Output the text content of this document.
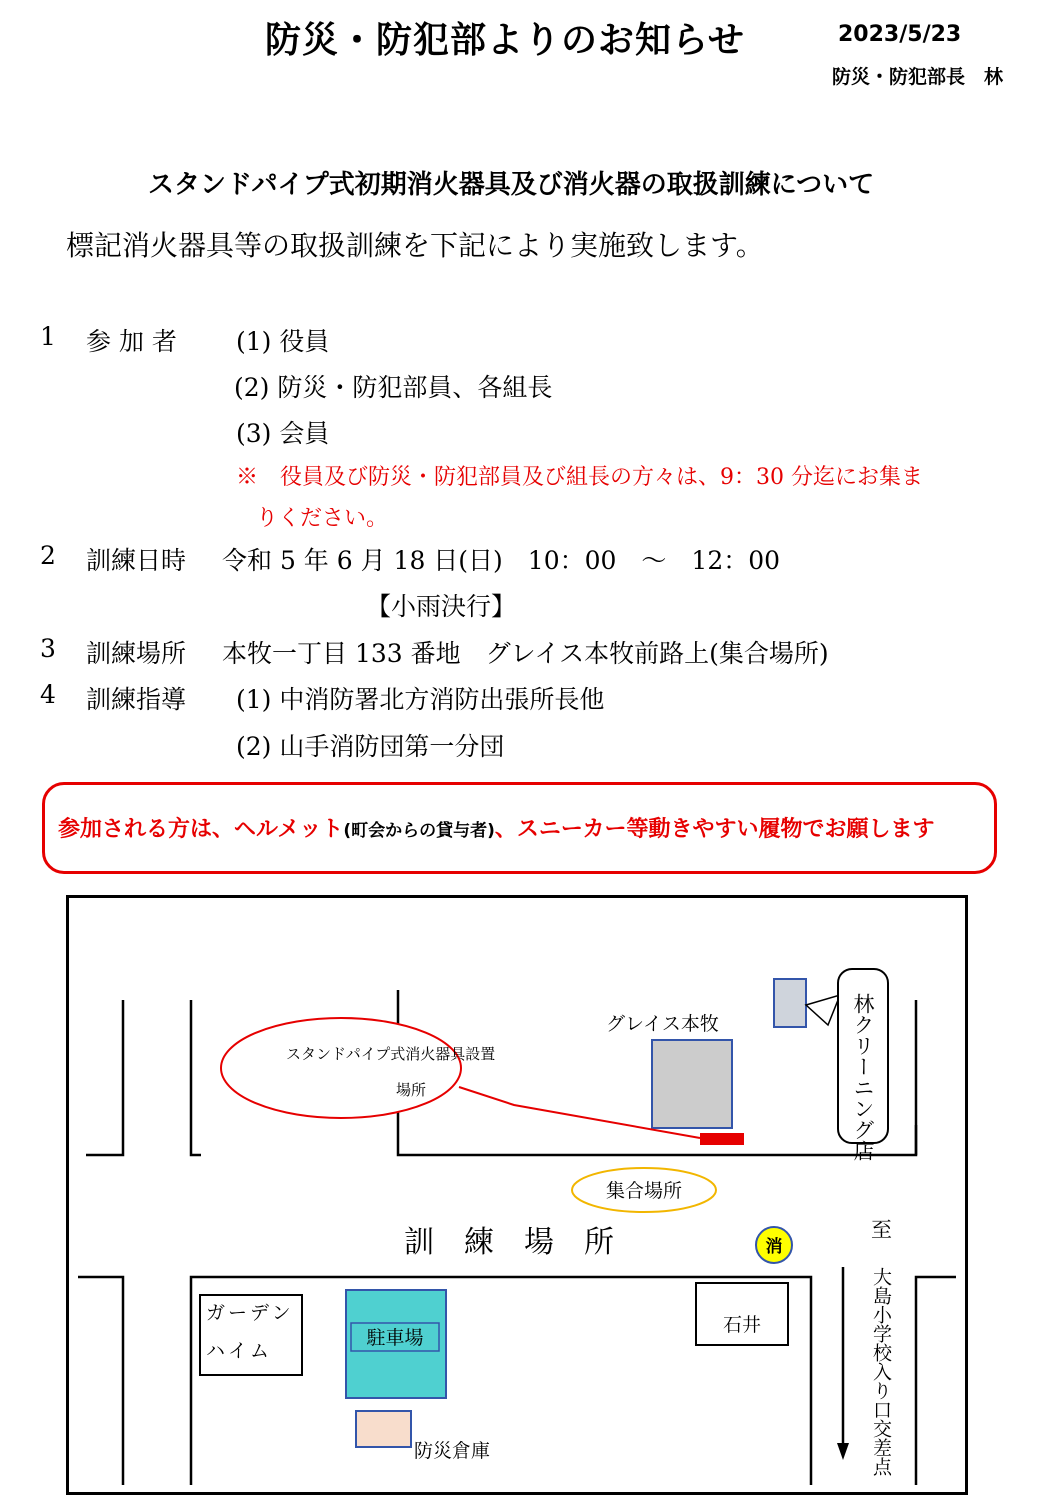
防災・防犯部よりのお知らせ	2023/5/23
防災・防犯部長　林
スタンドパイプ式初期消火器具及び消火器の取扱訓練について
標記消火器具等の取扱訓練を下記により実施致します。
1 参 加 者 (1) 役員
(2) 防災・防犯部員、各組長
(3) 会員
※　役員及び防災・防犯部員及び組長の方々は、9：30 分迄にお集ま
りください。
2 訓練日時 令和 5 年 6 月 18 日(日)　10：00　～　12：00
【小雨決行】
3 訓練場所 本牧一丁目 133 番地　グレイス本牧前路上(集合場所)
4 訓練指導 (1) 中消防署北方消防出張所長他
(2) 山手消防団第一分団
参加される方は、ヘルメット(町会からの貸与者)、スニーカー等動きやすい履物でお願します
グレイス本牧
スタンドパイプ式消火器具設置
場所	林クリーニング店
集合場所
訓　練　場　所	消
至
大島小学校入り口交差点
ガーデン
ハイム
駐車場
石井
防災倉庫
